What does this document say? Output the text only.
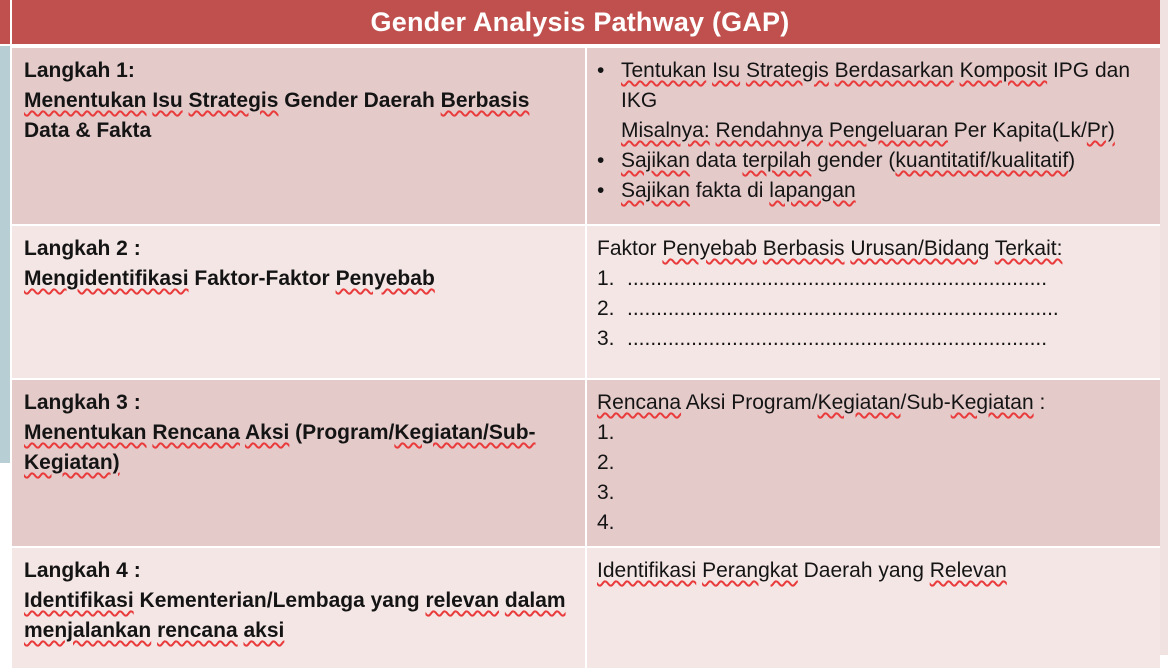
Gender Analysis Pathway (GAP)
Langkah 1:
Menentukan Isu Strategis Gender Daerah Berbasis Data & Fakta
• Tentukan Isu Strategis Berdasarkan Komposit IPG dan IKG
Misalnya: Rendahnya Pengeluaran Per Kapita(Lk/Pr)
• Sajikan data terpilah gender (kuantitatif/kualitatif)
• Sajikan fakta di lapangan
Langkah 2 :
Mengidentifikasi Faktor-Faktor Penyebab
Faktor Penyebab Berbasis Urusan/Bidang Terkait:
1. ........................................................................
2. ..........................................................................
3. ........................................................................
Langkah 3 :
Menentukan Rencana Aksi (Program/Kegiatan/Sub-Kegiatan)
Rencana Aksi Program/Kegiatan/Sub-Kegiatan :
1.
2.
3.
4.
Langkah 4 :
Identifikasi Kementerian/Lembaga yang relevan dalam menjalankan rencana aksi
Identifikasi Perangkat Daerah yang Relevan
